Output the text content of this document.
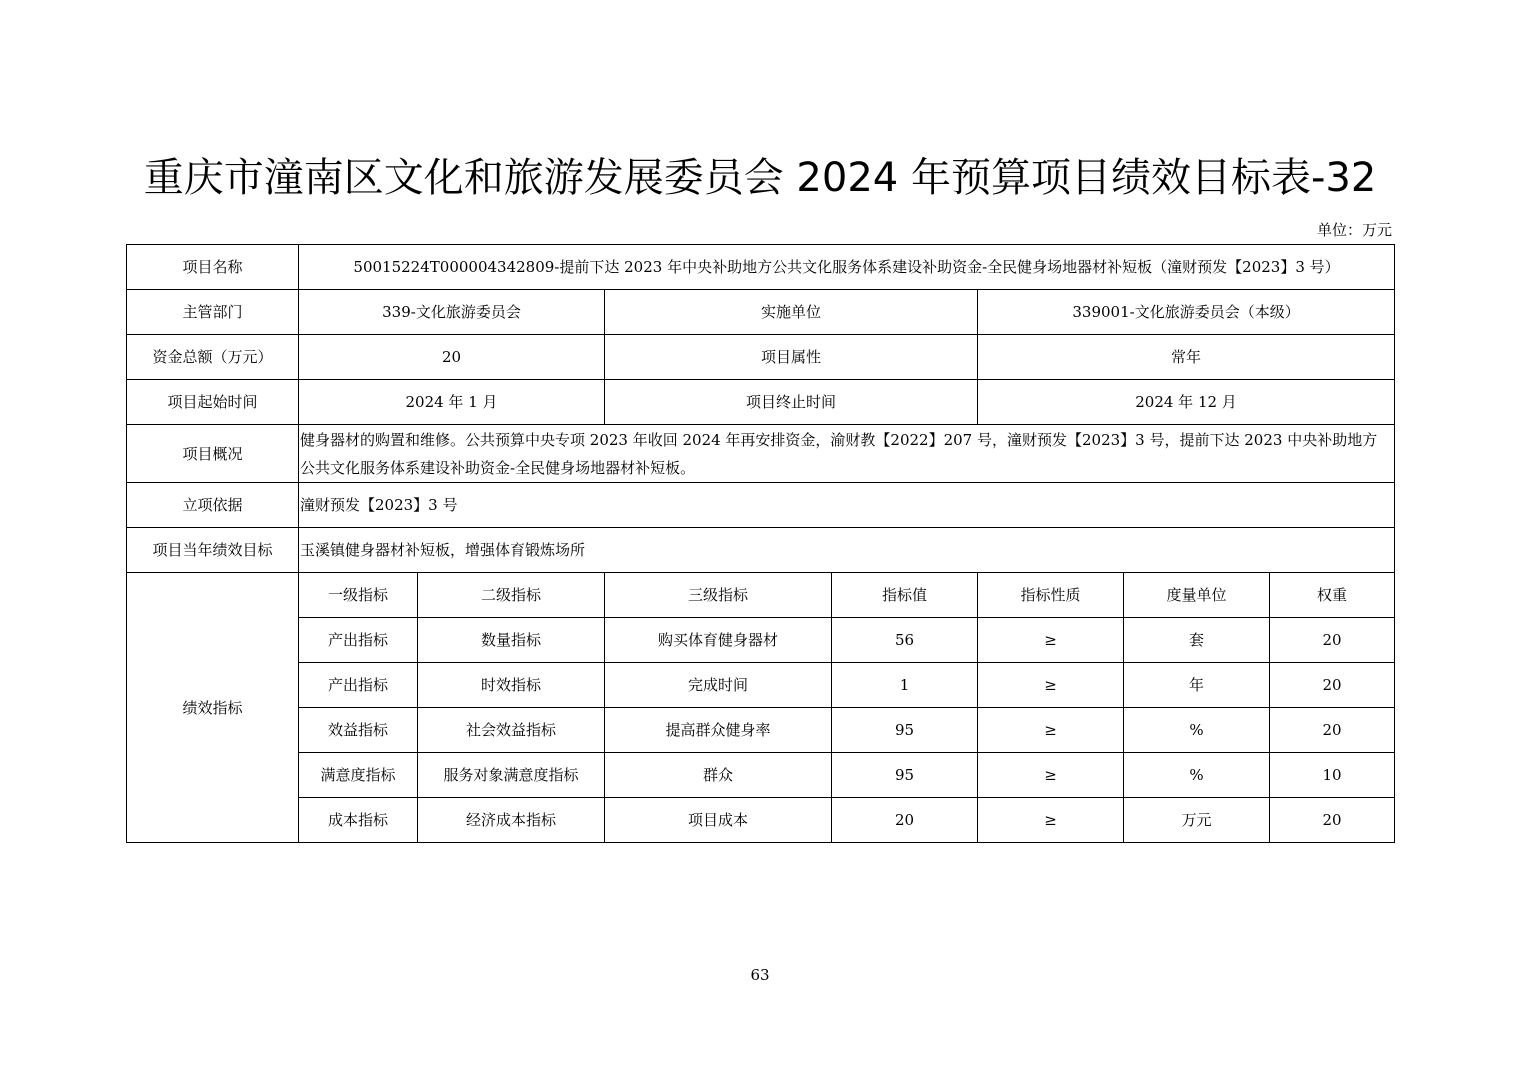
重庆市潼南区文化和旅游发展委员会 2024 年预算项目绩效目标表-32
单位：万元
项目名称	50015224T000004342809-提前下达 2023 年中央补助地方公共文化服务体系建设补助资金-全民健身场地器材补短板（潼财预发【2023】3 号）						
主管部门	339-文化旅游委员会		实施单位		339001-文化旅游委员会（本级）		
资金总额（万元）	20		项目属性		常年		
项目起始时间	2024 年 1 月		项目终止时间		2024 年 12 月		
项目概况	健身器材的购置和维修。公共预算中央专项 2023 年收回 2024 年再安排资金，渝财教【2022】207 号，潼财预发【2023】3 号，提前下达 2023 中央补助地方公共文化服务体系建设补助资金-全民健身场地器材补短板。						
立项依据	潼财预发【2023】3 号						
项目当年绩效目标	玉溪镇健身器材补短板，增强体育锻炼场所						
绩效指标	一级指标	二级指标	三级指标	指标值	指标性质	度量单位	权重
	产出指标	数量指标	购买体育健身器材	56	≥	套	20
	产出指标	时效指标	完成时间	1	≥	年	20
	效益指标	社会效益指标	提高群众健身率	95	≥	%	20
	满意度指标	服务对象满意度指标	群众	95	≥	%	10
	成本指标	经济成本指标	项目成本	20	≥	万元	20
63
